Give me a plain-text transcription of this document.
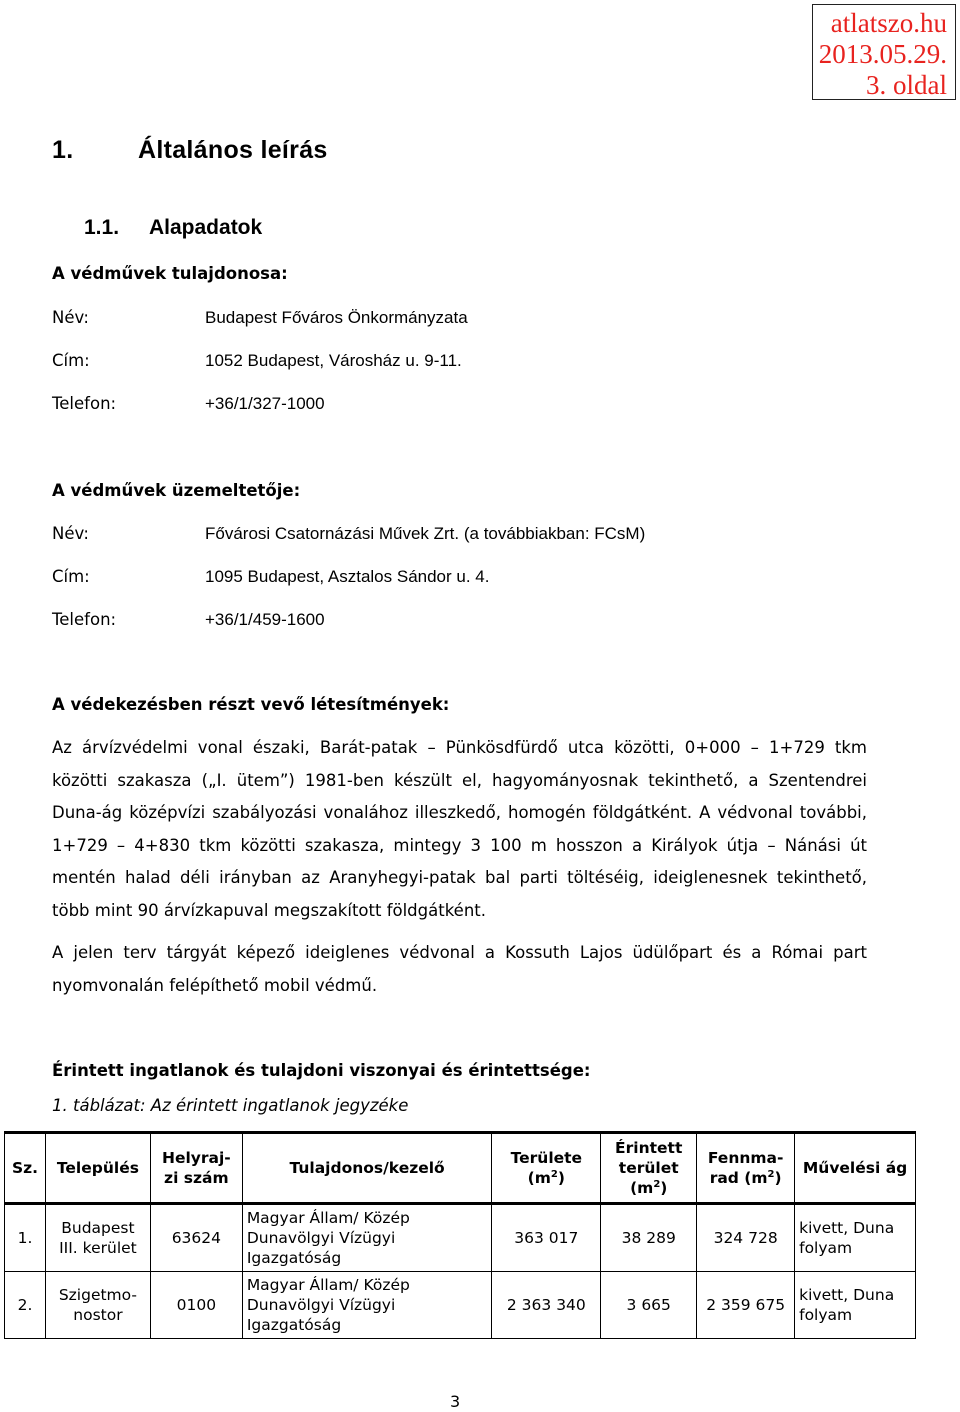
atlatszo.hu
2013.05.29.
3. oldal
1.	Általános leírás
1.1. Alapadatok
A védművek tulajdonosa:
Név:	Budapest Főváros Önkormányzata
Cím:	1052 Budapest, Városház u. 9-11.
Telefon:	+36/1/327-1000
A védművek üzemeltetője:
Név:	Fővárosi Csatornázási Művek Zrt. (a továbbiakban: FCsM)
Cím:	1095 Budapest, Asztalos Sándor u. 4.
Telefon:	+36/1/459-1600
A védekezésben részt vevő létesítmények:

Az árvízvédelmi vonal északi, Barát-patak – Pünkösdfürdő utca közötti, 0+000 – 1+729 tkm közötti szakasza („I. ütem”) 1981-ben készült el, hagyományosnak tekinthető, a Szentendrei Duna-ág középvízi szabályozási vonalához illeszkedő, homogén földgátként. A védvonal további, 1+729 – 4+830 tkm közötti szakasza, mintegy 3 100 m hosszon a Királyok útja – Nánási út mentén halad déli irányban az Aranyhegyi-patak bal parti töltéséig, ideiglenesnek tekinthető, több mint 90 árvízkapuval megszakított földgátként.

A jelen terv tárgyát képező ideiglenes védvonal a Kossuth Lajos üdülőpart és a Római part nyomvonalán felépíthető mobil védmű.

Érintett ingatlanok és tulajdoni viszonyai és érintettsége:
1. táblázat: Az érintett ingatlanok jegyzéke
Sz.	Település	Helyraj-zi szám	Tulajdonos/kezelő	Területe $(m^2)$	Érintett terület $(m^2)$	Fennma-rad $(m^2)$	Művelési ág
1.	Budapest III. kerület	63624	Magyar Állam/ Közép Dunavölgyi Vízügyi Igazgatóság	363 017	38 289	324 728	kivett, Duna folyam
2.	Szigetmo-nostor	0100	Magyar Állam/ Közép Dunavölgyi Vízügyi Igazgatóság	2 363 340	3 665	2 359 675	kivett, Duna folyam
3
